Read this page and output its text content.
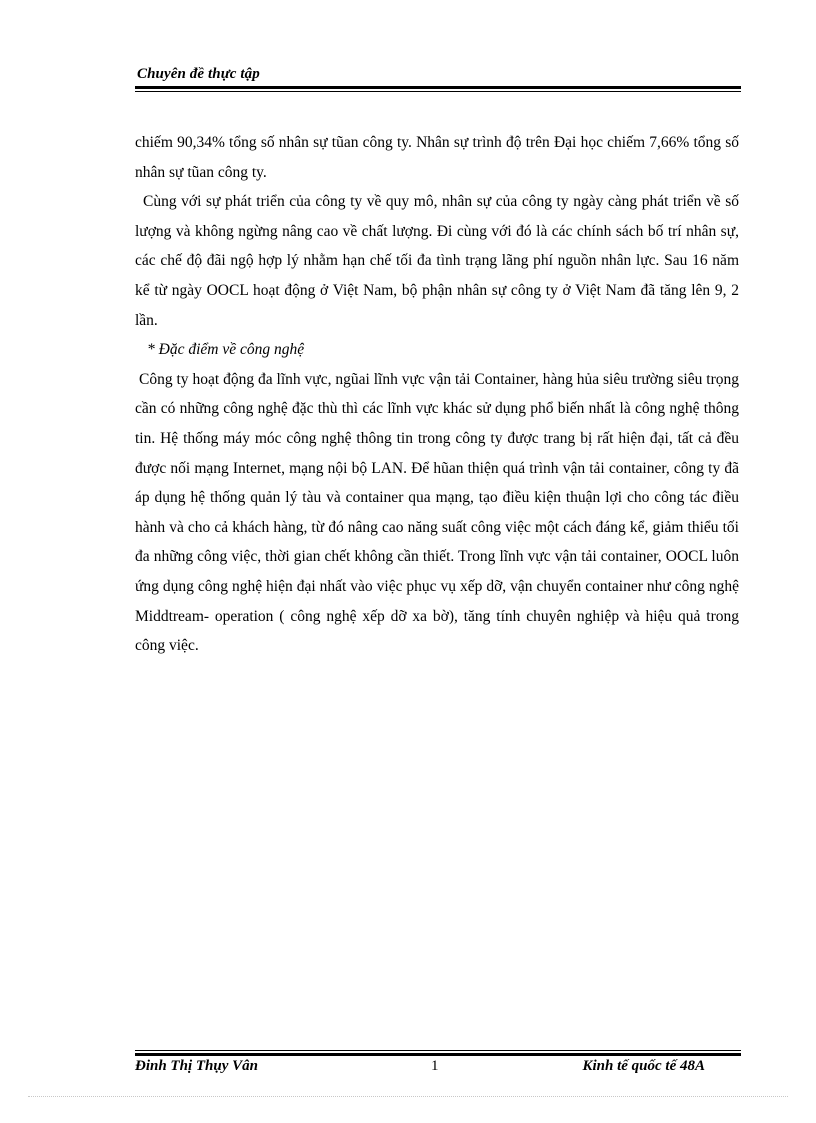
Chuyên đề thực tập

chiếm 90,34% tổng số nhân sự tũan công ty. Nhân sự trình độ trên Đại học chiếm 7,66% tổng số nhân sự tũan công ty.

Cùng với sự phát triển của công ty về quy mô, nhân sự của công ty ngày càng phát triển về số lượng và không ngừng nâng cao về chất lượng. Đi cùng với đó là các chính sách bố trí nhân sự, các chế độ đãi ngộ hợp lý nhằm hạn chế tối đa tình trạng lãng phí nguồn nhân lực. Sau 16 năm kể từ ngày OOCL hoạt động ở Việt Nam, bộ phận nhân sự công ty ở Việt Nam đã tăng lên 9, 2 lần.

* Đặc điểm về công nghệ

Công ty hoạt động đa lĩnh vực, ngũai lĩnh vực vận tải Container, hàng hủa siêu trường siêu trọng cần có những công nghệ đặc thù thì các lĩnh vực khác sử dụng phổ biến nhất là công nghệ thông tin. Hệ thống máy móc công nghệ thông tin trong công ty được trang bị rất hiện đại, tất cả đều được nối mạng Internet, mạng nội bộ LAN. Để hũan thiện quá trình vận tải container, công ty đã áp dụng hệ thống quản lý tàu và container qua mạng, tạo điều kiện thuận lợi cho công tác điều hành và cho cả khách hàng, từ đó nâng cao năng suất công việc một cách đáng kể, giảm thiểu tối đa những công việc, thời gian chết không cần thiết. Trong lĩnh vực vận tải container, OOCL luôn ứng dụng công nghệ hiện đại nhất vào việc phục vụ xếp dỡ, vận chuyển container như công nghệ Middtream- operation ( công nghệ xếp dỡ xa bờ), tăng tính chuyên nghiệp và hiệu quả trong công việc.

Đinh Thị Thụy Vân	1	Kinh tế quốc tế 48A
